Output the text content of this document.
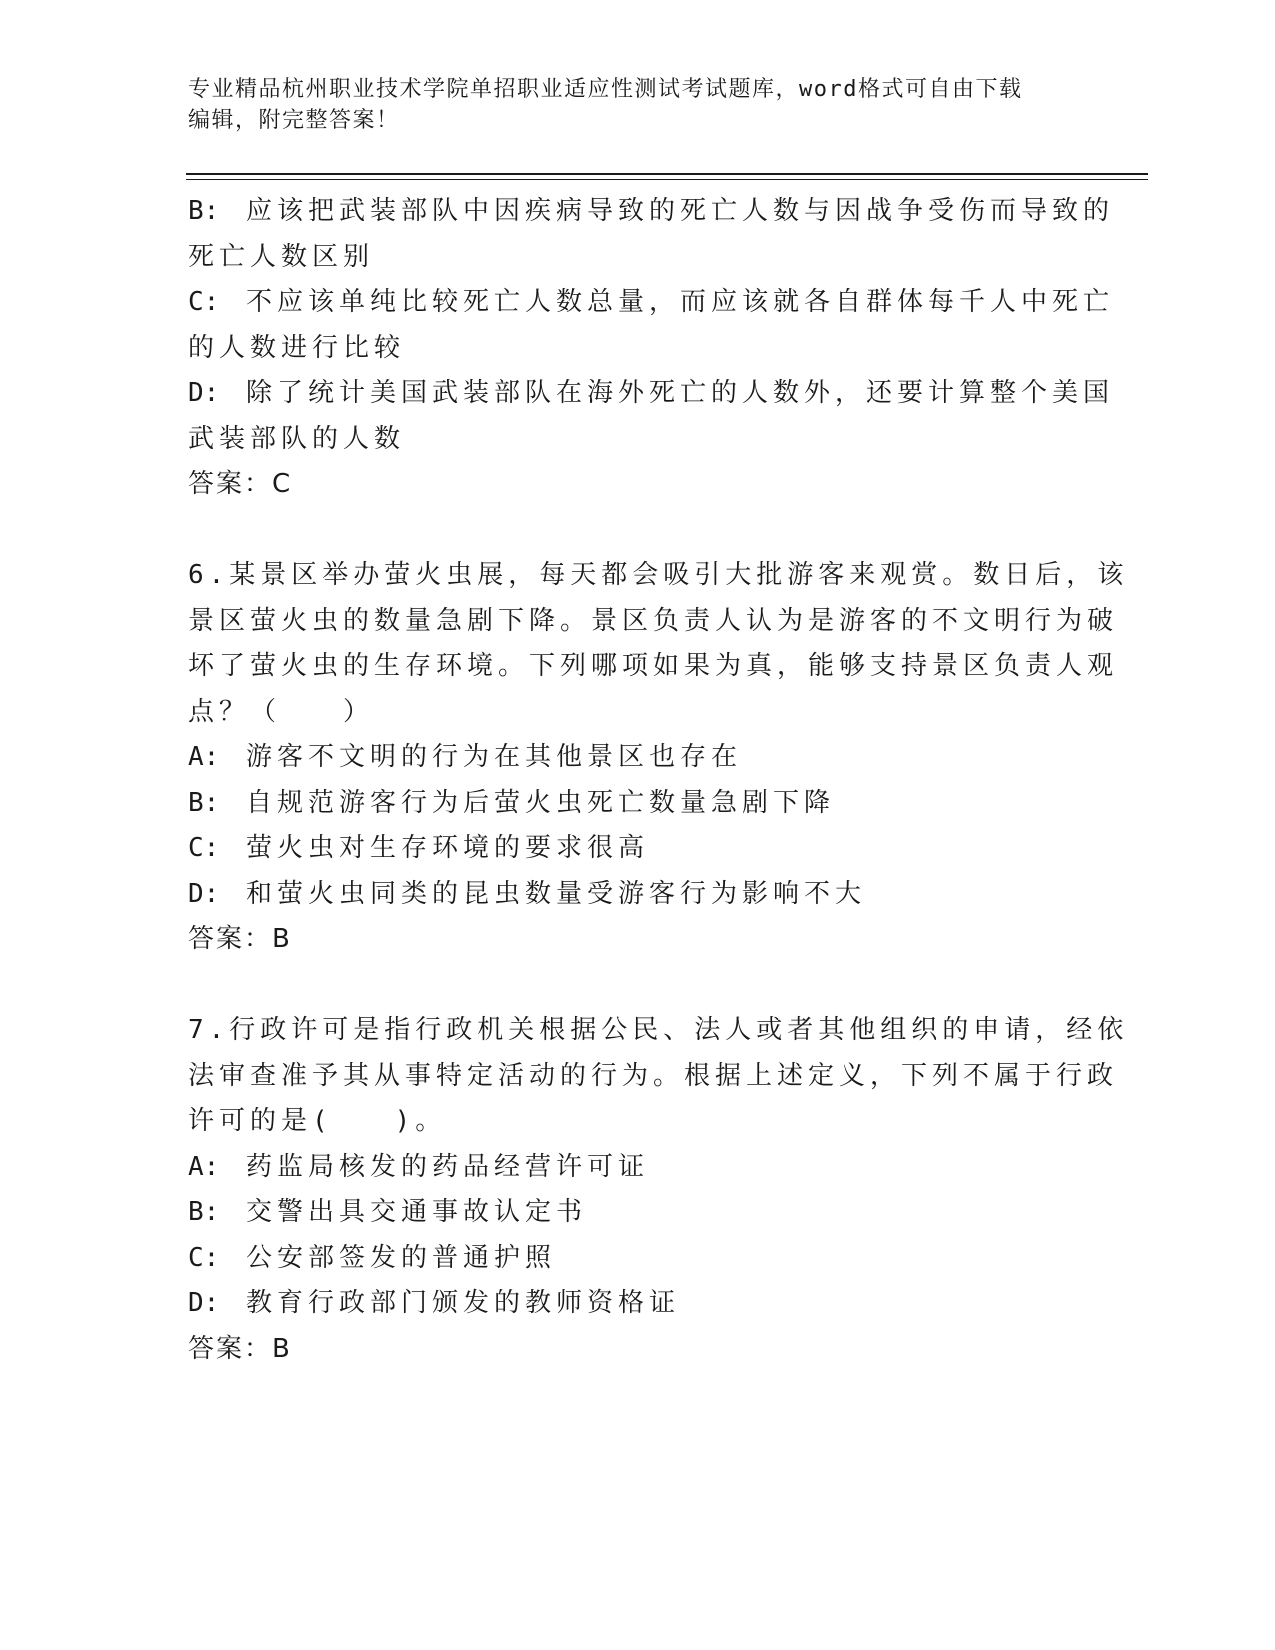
专业精品杭州职业技术学院单招职业适应性测试考试题库，word格式可自由下载
编辑，附完整答案！
B: 应该把武装部队中因疾病导致的死亡人数与因战争受伤而导致的
死亡人数区别
C: 不应该单纯比较死亡人数总量，而应该就各自群体每千人中死亡
的人数进行比较
D: 除了统计美国武装部队在海外死亡的人数外，还要计算整个美国
武装部队的人数
答案：C
6.某景区举办萤火虫展，每天都会吸引大批游客来观赏。数日后，该
景区萤火虫的数量急剧下降。景区负责人认为是游客的不文明行为破
坏了萤火虫的生存环境。下列哪项如果为真，能够支持景区负责人观
点？（　　）
A: 游客不文明的行为在其他景区也存在
B: 自规范游客行为后萤火虫死亡数量急剧下降
C: 萤火虫对生存环境的要求很高
D: 和萤火虫同类的昆虫数量受游客行为影响不大
答案：B
7.行政许可是指行政机关根据公民、法人或者其他组织的申请，经依
法审查准予其从事特定活动的行为。根据上述定义，下列不属于行政
许可的是(　　)。
A: 药监局核发的药品经营许可证
B: 交警出具交通事故认定书
C: 公安部签发的普通护照
D: 教育行政部门颁发的教师资格证
答案：B
